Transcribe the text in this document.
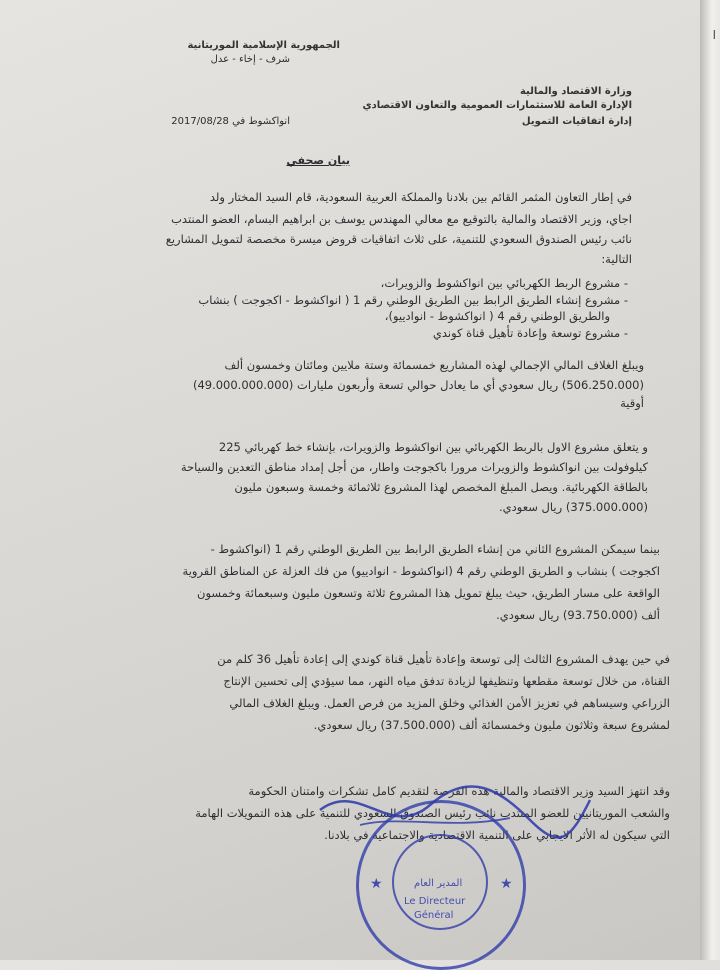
ا
الجمهورية الإسلامية الموريتانية
شرف - إخاء - عدل
وزارة الاقتصاد والمالية
الإدارة العامة للاستثمارات العمومية والتعاون الاقتصادي
إدارة اتفاقيات التمويل
انواكشوط في 2017/08/28
بيان صحفي
في إطار التعاون المثمر القائم بين بلادنا والمملكة العربية السعودية، قام السيد المختار ولد
اجاي، وزير الاقتصاد والمالية بالتوقيع مع معالي المهندس يوسف بن ابراهيم البسام، العضو المنتدب
نائب رئيس الصندوق السعودي للتنمية، على ثلاث اتفاقيات قروض ميسرة مخصصة لتمويل المشاريع
التالية:
- مشروع الربط الكهربائي بين انواكشوط والزويرات،
- مشروع إنشاء الطريق الرابط بين الطريق الوطني رقم 1 ( انواكشوط - اكجوجت ) بنشاب
والطريق الوطني رقم 4 ( انواكشوط - انوادييو)،
- مشروع توسعة وإعادة تأهيل قناة كوندي
ويبلغ الغلاف المالي الإجمالي لهذه المشاريع خمسمائة وستة ملايين ومائتان وخمسون ألف
(506.250.000) ريال سعودي أي ما يعادل حوالي تسعة وأربعون مليارات (49.000.000.000)
أوقية
و يتعلق مشروع الاول بالربط الكهربائي بين انواكشوط والزويرات، بإنشاء خط كهربائي 225
كيلوفولت بين انواكشوط والزويرات مرورا باكجوجت واطار، من أجل إمداد مناطق التعدين والسياحة
بالطاقة الكهربائية. ويصل المبلغ المخصص لهذا المشروع ثلاثمائة وخمسة وسبعون مليون
(375.000.000) ريال سعودي.
بينما سيمكن المشروع الثاني من إنشاء الطريق الرابط بين الطريق الوطني رقم 1 (انواكشوط -
اكجوجت ) بنشاب و الطريق الوطني رقم 4 (انواكشوط - انوادييو) من فك العزلة عن المناطق القروية
الواقعة على مسار الطريق، حيث يبلغ تمويل هذا المشروع ثلاثة وتسعون مليون وسبعمائة وخمسون
ألف (93.750.000) ريال سعودي.
في حين يهدف المشروع الثالث إلى توسعة وإعادة تأهيل قناة كوندي إلى إعادة تأهيل 36 كلم من
القناة، من خلال توسعة مقطعها وتنظيفها لزيادة تدفق مياه النهر، مما سيؤدي إلى تحسين الإنتاج
الزراعي وسيساهم في تعزيز الأمن الغذائي وخلق المزيد من فرص العمل. ويبلغ الغلاف المالي
لمشروع سبعة وثلاثون مليون وخمسمائة ألف (37.500.000) ريال سعودي.
وقد انتهز السيد وزير الاقتصاد والمالية هذه الفرصة لتقديم كامل تشكرات وامتنان الحكومة
والشعب الموريتانيين للعضو المنتدب نائب رئيس الصندوق السعودي للتنمية على هذه التمويلات الهامة
التي سيكون له الأثر الايجابي على التنمية الاقتصادية والاجتماعية في بلادنا.
المدير العام
Le Directeur
Général
★	★
